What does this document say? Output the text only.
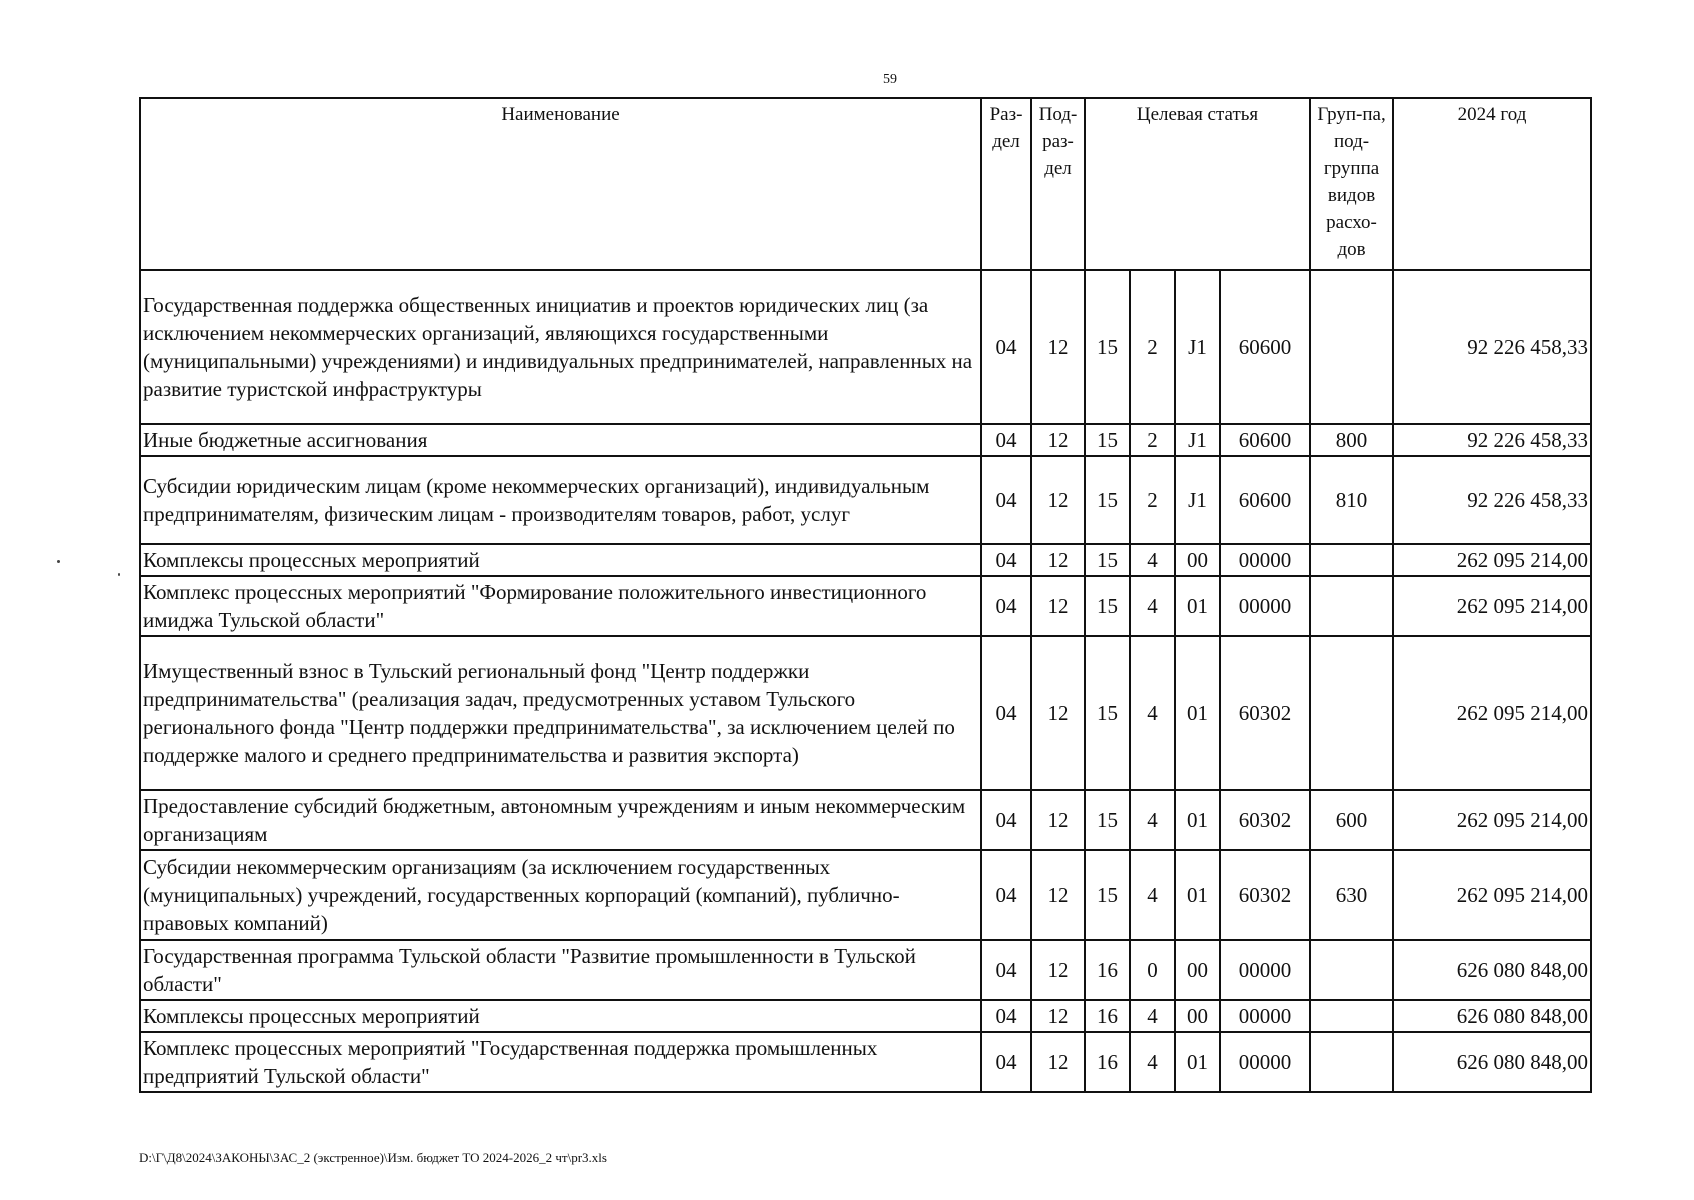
59
Наименование	Раз-дел	Под-раз-дел	Целевая статья				Груп-па, под-группа видов расхо-дов	2024 год
Государственная поддержка общественных инициатив и проектов юридических лиц (за исключением некоммерческих организаций, являющихся государственными (муниципальными) учреждениями) и индивидуальных предпринимателей, направленных на развитие туристской инфраструктуры	04	12	15	2	J1	60600		92 226 458,33
Иные бюджетные ассигнования	04	12	15	2	J1	60600	800	92 226 458,33
Субсидии юридическим лицам (кроме некоммерческих организаций), индивидуальным предпринимателям, физическим лицам - производителям товаров, работ, услуг	04	12	15	2	J1	60600	810	92 226 458,33
Комплексы процессных мероприятий	04	12	15	4	00	00000		262 095 214,00
Комплекс процессных мероприятий "Формирование положительного инвестиционного имиджа Тульской области"	04	12	15	4	01	00000		262 095 214,00
Имущественный взнос в Тульский региональный фонд "Центр поддержки предпринимательства" (реализация задач, предусмотренных уставом Тульского регионального фонда "Центр поддержки предпринимательства", за исключением целей по поддержке малого и среднего предпринимательства и развития экспорта)	04	12	15	4	01	60302		262 095 214,00
Предоставление субсидий бюджетным, автономным учреждениям и иным некоммерческим организациям	04	12	15	4	01	60302	600	262 095 214,00
Субсидии некоммерческим организациям (за исключением государственных (муниципальных) учреждений, государственных корпораций (компаний), публично-правовых компаний)	04	12	15	4	01	60302	630	262 095 214,00
Государственная программа Тульской области "Развитие промышленности в Тульской области"	04	12	16	0	00	00000		626 080 848,00
Комплексы процессных мероприятий	04	12	16	4	00	00000		626 080 848,00
Комплекс процессных мероприятий "Государственная поддержка промышленных предприятий Тульской области"	04	12	16	4	01	00000		626 080 848,00
D:\Г\Д8\2024\ЗАКОНЫ\ЗАС_2 (экстренное)\Изм. бюджет ТО 2024-2026_2 чт\pr3.xls
